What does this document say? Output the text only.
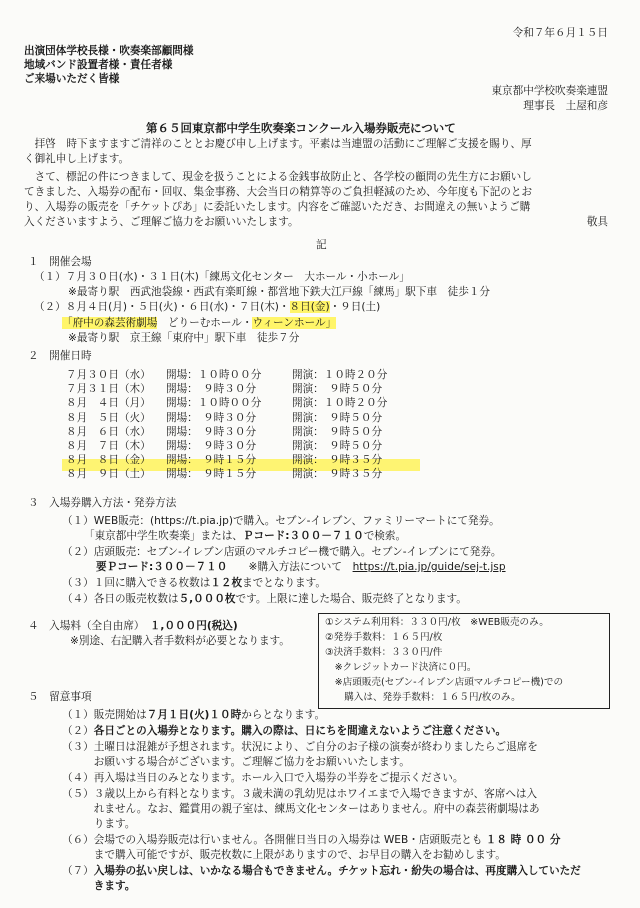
令和７年６月１５日
出演団体学校長様・吹奏楽部顧問様
地域バンド設置者様・責任者様
ご来場いただく皆様
東京都中学校吹奏楽連盟
理事長　土屋和彦
第６５回東京都中学生吹奏楽コンクール入場券販売について
　拝啓　時下ますますご清祥のこととお慶び申し上げます。平素は当連盟の活動にご理解ご支援を賜り、厚
く御礼申し上げます。
　さて、標記の件につきまして、現金を扱うことによる金銭事故防止と、各学校の顧問の先生方にお願いし
てきました、入場券の配布・回収、集金事務、大会当日の精算等のご負担軽減のため、今年度も下記のとお
り、入場券の販売を「チケットぴあ」に委託いたします。内容をご確認いただき、お間違えの無いようご購
入くださいますよう、ご理解ご協力をお願いいたします。	敬具
記
１　開催会場
（１）７月３０日(水)・３１日(木)「練馬文化センター　大ホール・小ホール」
※最寄り駅　西武池袋線・西武有楽町線・都営地下鉄大江戸線「練馬」駅下車　徒歩１分
（２）８月４日(月)・５日(火)・６日(水)・７日(木)・８日(金)・９日(土)
「府中の森芸術劇場　どりーむホール・ウィーンホール」
※最寄り駅　京王線「東府中」駅下車　徒歩７分
２　開催日時
７月３０日（水） 開場：１０時００分	開演：１０時２０分
７月３１日（木） 開場：　９時３０分	開演：　９時５０分
８月　４日（月） 開場：１０時００分	開演：１０時２０分
８月　５日（火） 開場：　９時３０分	開演：　９時５０分
８月　６日（水） 開場：　９時３０分	開演：　９時５０分
８月　７日（木） 開場：　９時３０分	開演：　９時５０分
８月　８日（金） 開場：　９時１５分	開演：　９時３５分
８月　９日（土） 開場：　９時１５分	開演：　９時３５分
３　入場券購入方法・発券方法
（１）WEB販売：(https://t.pia.jp)で購入。セブン-イレブン、ファミリーマートにて発券。
「東京都中学生吹奏楽」または、Ｐコード:３００－７１０で検索。
（２）店頭販売：セブン-イレブン店頭のマルチコピー機で購入。セブン-イレブンにて発券。
要Ｐコード:３００－７１０　　※購入方法について　 https://t.pia.jp/guide/sej-t.jsp
（３）１回に購入できる枚数は１２枚までとなります。
（４）各日の販売枚数は５,０００枚です。上限に達した場合、販売終了となります。
４　入場料（全自由席）　 １,０００円(税込)
※別途、右記購入者手数料が必要となります。
①システム利用料：３３０円/枚　※WEB販売のみ。
②発券手数料：１６５円/枚
③決済手数料：３３０円/件
　※クレジットカード決済に０円。
　※店頭販売(セブン-イレブン店頭マルチコピー機)での
　　購入は、発券手数料：１６５円/枚のみ。
５　留意事項
（１）販売開始は７月１日(火)１０時からとなります。
（２）各日ごとの入場券となります。購入の際は、日にちを間違えないようご注意ください。
（３）土曜日は混雑が予想されます。状況により、ご自分のお子様の演奏が終わりましたらご退席を
　　　お願いする場合がございます。ご理解ご協力をお願いいたします。
（４）再入場は当日のみとなります。ホール入口で入場券の半券をご提示ください。
（５）３歳以上から有料となります。３歳未満の乳幼児はホワイエまで入場できますが、客席へは入
　　　れません。なお、鑑賞用の親子室は、練馬文化センターはありません。府中の森芸術劇場はあ
　　　ります。
（６）会場での入場券販売は行いません。各開催日当日の入場券は WEB・店頭販売とも １８ 時 ００ 分
　　　まで購入可能ですが、販売枚数に上限がありますので、お早目の購入をお勧めします。
（７）入場券の払い戻しは、いかなる場合もできません。チケット忘れ・紛失の場合は、再度購入していただ
　　　きます。
